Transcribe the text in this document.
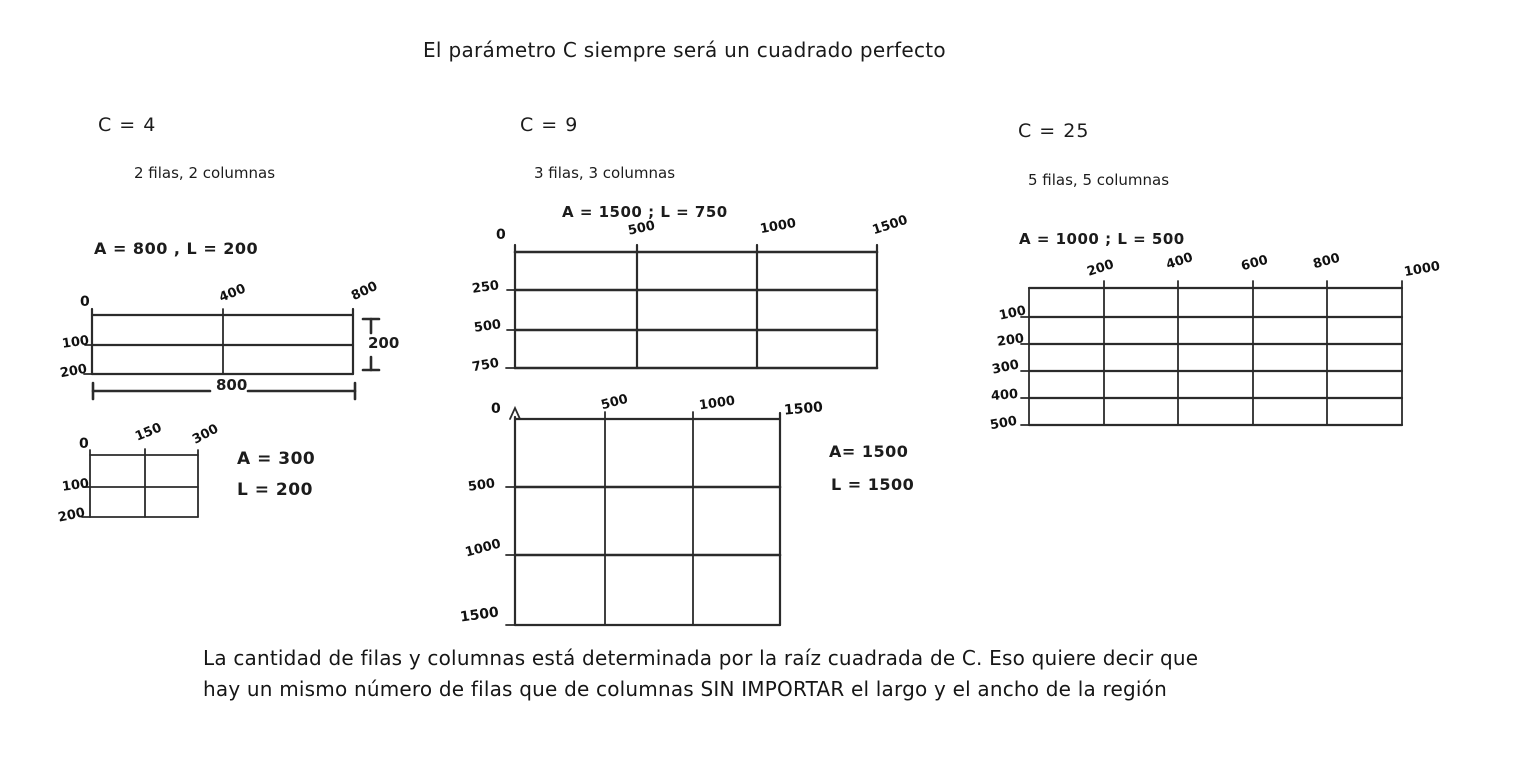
El parámetro C siempre será un cuadrado perfecto
C = 4
2 filas, 2 columnas
A = 800 , L = 200
0	400	800
100
200
200
800
0	150 300
100
200
A = 300
L = 200
C = 9
3 filas, 3 columnas
A = 1500 ; L = 750
0	500	1000	1500
250
500
750
0	500	1000	1500
500
1000
1500
A= 1500
L = 1500
C = 25
5 filas, 5 columnas
A = 1000 ; L = 500
200	400	600	800	1000
100
200
300
400
500
La cantidad de filas y columnas está determinada por la raíz cuadrada de C. Eso quiere decir que
hay un mismo número de filas que de columnas SIN IMPORTAR el largo y el ancho de la región
